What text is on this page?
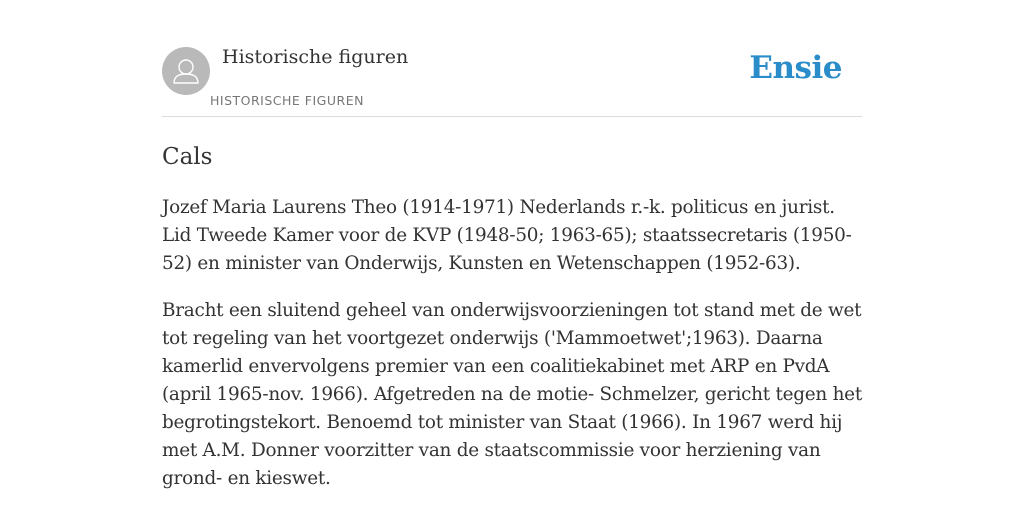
Historische figuren
HISTORISCHE FIGUREN
Ensie
Cals

Jozef Maria Laurens Theo (1914-1971) Nederlands r.-k. politicus en jurist. Lid Tweede Kamer voor de KVP (1948-50; 1963-65); staatssecretaris (1950-52) en minister van Onderwijs, Kunsten en Wetenschappen (1952-63).

Bracht een sluitend geheel van onderwijsvoorzieningen tot stand met de wet tot regeling van het voortgezet onderwijs ('Mammoetwet';1963). Daarna kamerlid envervolgens premier van een coalitiekabinet met ARP en PvdA (april 1965-nov. 1966). Afgetreden na de motie- Schmelzer, gericht tegen het begrotingstekort. Benoemd tot minister van Staat (1966). In 1967 werd hij met A.M. Donner voorzitter van de staatscommissie voor herziening van grond- en kieswet.
